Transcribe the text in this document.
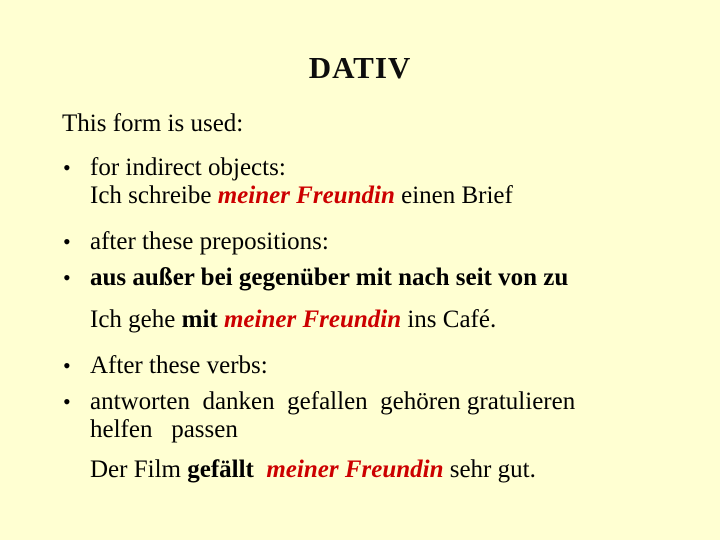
DATIV

This form is used:

• for indirect objects:
Ich schreibe meiner Freundin einen Brief
• after these prepositions:
• aus außer bei gegenüber mit nach seit von zu
Ich gehe mit meiner Freundin ins Café.
• After these verbs:
• antworten  danken  gefallen  gehören gratulieren
helfen   passen
Der Film gefällt meiner Freundin sehr gut.
